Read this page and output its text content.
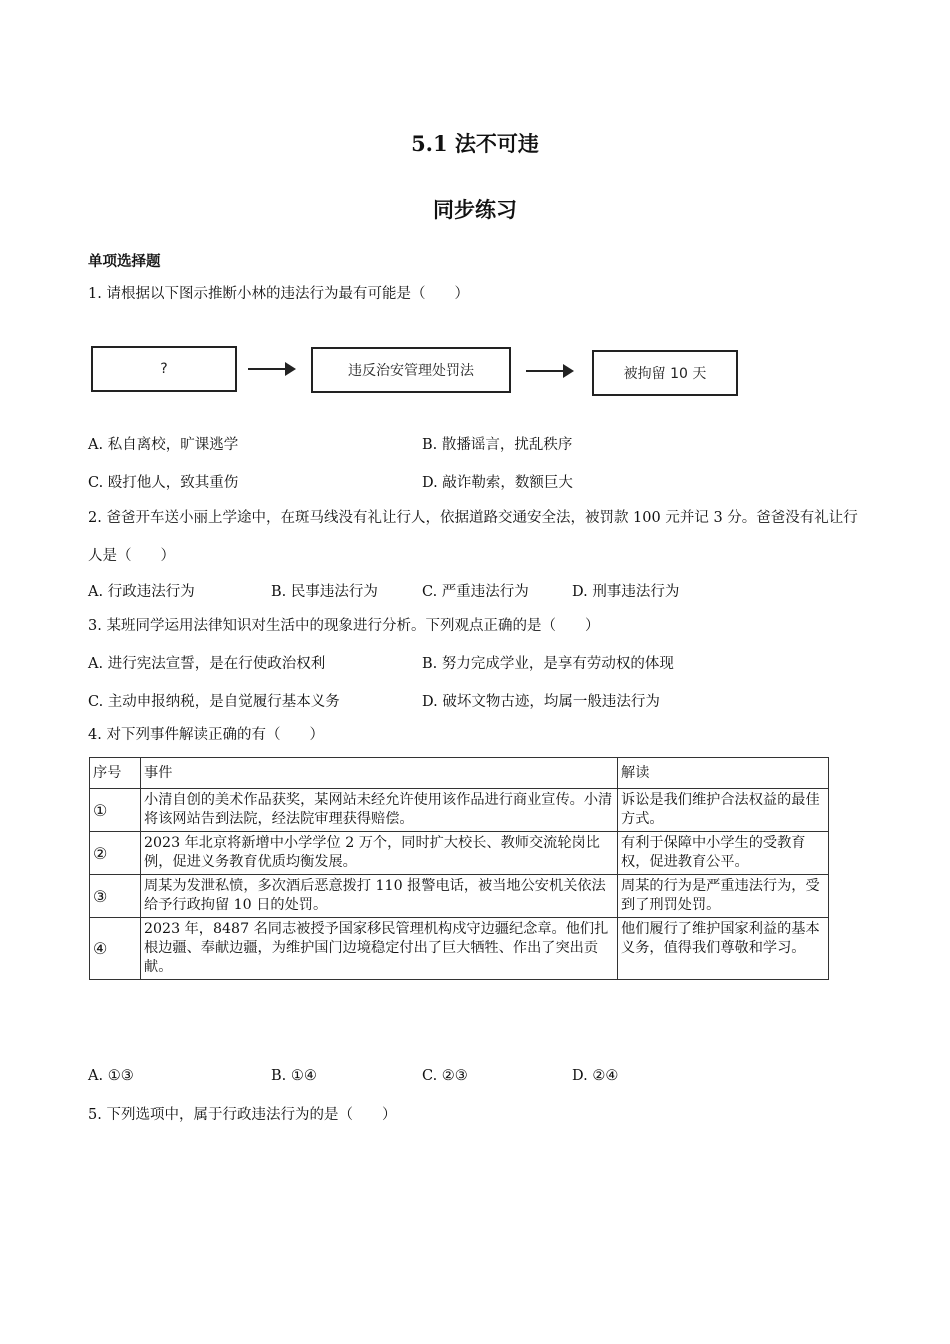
5.1 法不可违
同步练习
单项选择题
1. 请根据以下图示推断小林的违法行为最有可能是（　　）
?	违反治安管理处罚法	被拘留 10 天
A. 私自离校，旷课逃学	B. 散播谣言，扰乱秩序
C. 殴打他人，致其重伤	D. 敲诈勒索，数额巨大
2. 爸爸开车送小丽上学途中，在斑马线没有礼让行人，依据道路交通安全法，被罚款 100 元并记 3 分。爸爸没有礼让行人是（　　）
A. 行政违法行为	B. 民事违法行为	C. 严重违法行为	D. 刑事违法行为
3. 某班同学运用法律知识对生活中的现象进行分析。下列观点正确的是（　　）
A. 进行宪法宣誓，是在行使政治权利	B. 努力完成学业，是享有劳动权的体现
C. 主动申报纳税，是自觉履行基本义务	D. 破坏文物古迹，均属一般违法行为
4. 对下列事件解读正确的有（　　）
序号	事件	解读
①	小清自创的美术作品获奖，某网站未经允许使用该作品进行商业宣传。小清将该网站告到法院，经法院审理获得赔偿。	诉讼是我们维护合法权益的最佳方式。
②	2023 年北京将新增中小学学位 2 万个，同时扩大校长、教师交流轮岗比例，促进义务教育优质均衡发展。	有利于保障中小学生的受教育权，促进教育公平。
③	周某为发泄私愤，多次酒后恶意拨打 110 报警电话，被当地公安机关依法给予行政拘留 10 日的处罚。	周某的行为是严重违法行为，受到了刑罚处罚。
④	2023 年，8487 名同志被授予国家移民管理机构戍守边疆纪念章。他们扎根边疆、奉献边疆，为维护国门边境稳定付出了巨大牺牲、作出了突出贡献。	他们履行了维护国家利益的基本义务，值得我们尊敬和学习。
A. ①③	B. ①④	C. ②③	D. ②④
5. 下列选项中，属于行政违法行为的是（　　）
